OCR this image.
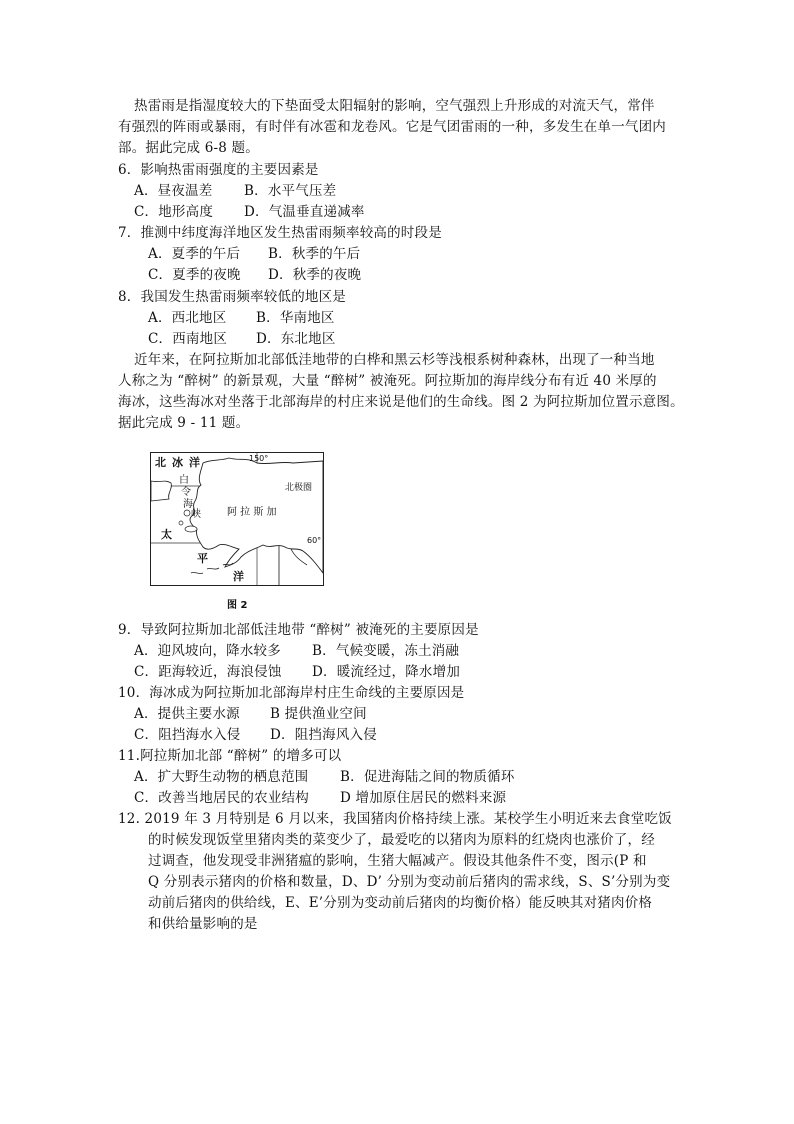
热雷雨是指湿度较大的下垫面受太阳辐射的影响，空气强烈上升形成的对流天气，常伴
有强烈的阵雨或暴雨，有时伴有冰雹和龙卷风。它是气团雷雨的一种，多发生在单一气团内
部。据此完成 6-8 题。
6．影响热雷雨强度的主要因素是
A．昼夜温差 B．水平气压差
C．地形高度 D．气温垂直递减率
7．推测中纬度海洋地区发生热雷雨频率较高的时段是
A．夏季的午后 B．秋季的午后
C．夏季的夜晚 D．秋季的夜晚
8．我国发生热雷雨频率较低的地区是
A．西北地区 B．华南地区
C．西南地区 D．东北地区
近年来，在阿拉斯加北部低洼地带的白桦和黑云杉等浅根系树种森林，出现了一种当地
人称之为 “醉树” 的新景观，大量 “醉树” 被淹死。阿拉斯加的海岸线分布有近 40 米厚的
海冰，这些海冰对坐落于北部海岸的村庄来说是他们的生命线。图 2 为阿拉斯加位置示意图。
据此完成 9 - 11 题。
北冰洋
白
令
海
峡	阿 拉 斯 加
北极圈
150°
60°
太
平
洋
图 2
9．导致阿拉斯加北部低洼地带 “醉树” 被淹死的主要原因是
A．迎风坡向，降水较多 B．气候变暖，冻土消融
C．距海较近，海浪侵蚀 D．暖流经过，降水增加
10．海冰成为阿拉斯加北部海岸村庄生命线的主要原因是
A．提供主要水源 B 提供渔业空间
C．阻挡海水入侵 D．阻挡海风入侵
11.阿拉斯加北部 “醉树” 的增多可以
A．扩大野生动物的栖息范围 B．促进海陆之间的物质循环
C．改善当地居民的农业结构 D 增加原住居民的燃料来源
12. 2019 年 3 月特别是 6 月以来，我国猪肉价格持续上涨。某校学生小明近来去食堂吃饭
的时候发现饭堂里猪肉类的菜变少了，最爱吃的以猪肉为原料的红烧肉也涨价了，经
过调查，他发现受非洲猪瘟的影响，生猪大幅减产。假设其他条件不变，图示(P 和
Q 分别表示猪肉的价格和数量，D、D’ 分别为变动前后猪肉的需求线，S、S’分别为变
动前后猪肉的供给线，E、E’分别为变动前后猪肉的均衡价格）能反映其对猪肉价格
和供给量影响的是
